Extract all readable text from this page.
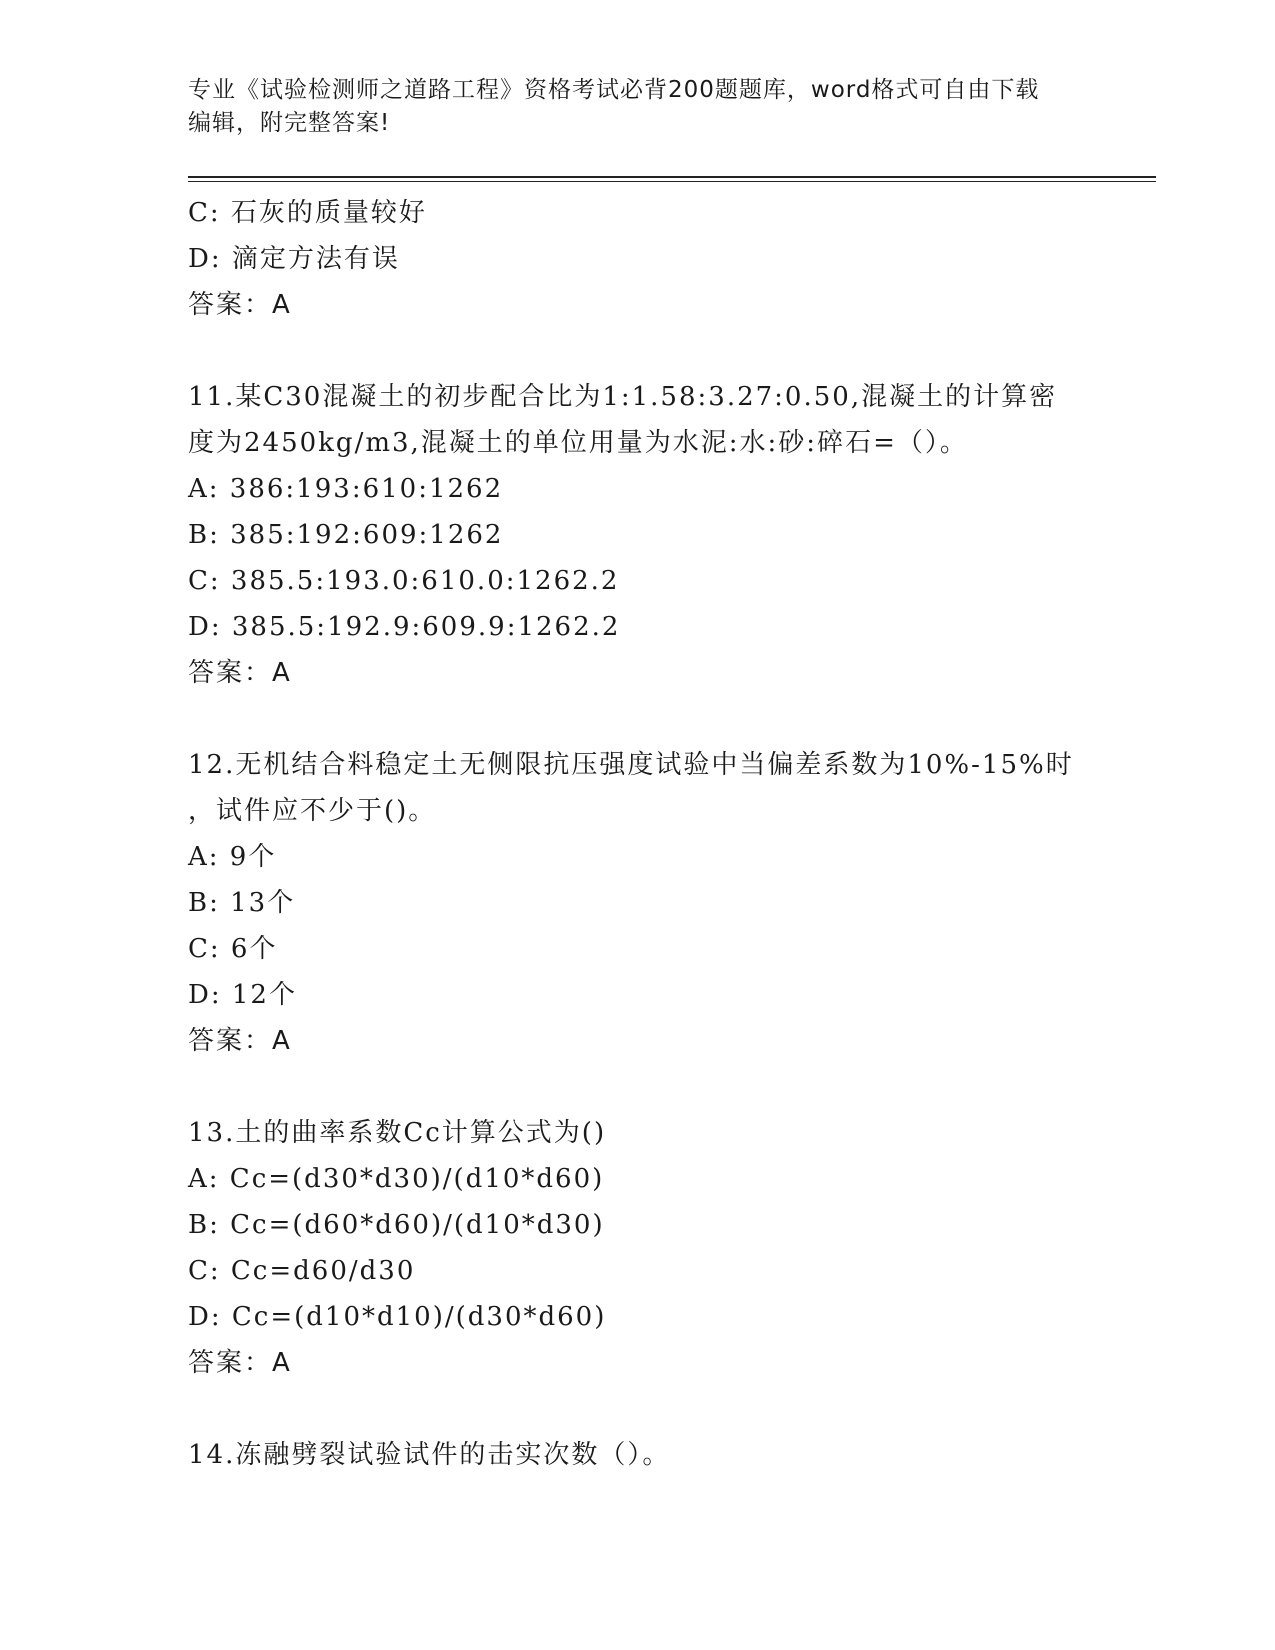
专业《试验检测师之道路工程》资格考试必背200题题库，word格式可自由下载
编辑，附完整答案!
C: 石灰的质量较好
D: 滴定方法有误
答案：A
11.某C30混凝土的初步配合比为1:1.58:3.27:0.50,混凝土的计算密
度为2450kg/m3,混凝土的单位用量为水泥:水:砂:碎石=（）。
A: 386:193:610:1262
B: 385:192:609:1262
C: 385.5:193.0:610.0:1262.2
D: 385.5:192.9:609.9:1262.2
答案：A
12.无机结合料稳定土无侧限抗压强度试验中当偏差系数为10%-15%时
，试件应不少于()。
A: 9个
B: 13个
C: 6个
D: 12个
答案：A
13.土的曲率系数Cc计算公式为()
A: Cc=(d30*d30)/(d10*d60)
B: Cc=(d60*d60)/(d10*d30)
C: Cc=d60/d30
D: Cc=(d10*d10)/(d30*d60)
答案：A
14.冻融劈裂试验试件的击实次数（）。
